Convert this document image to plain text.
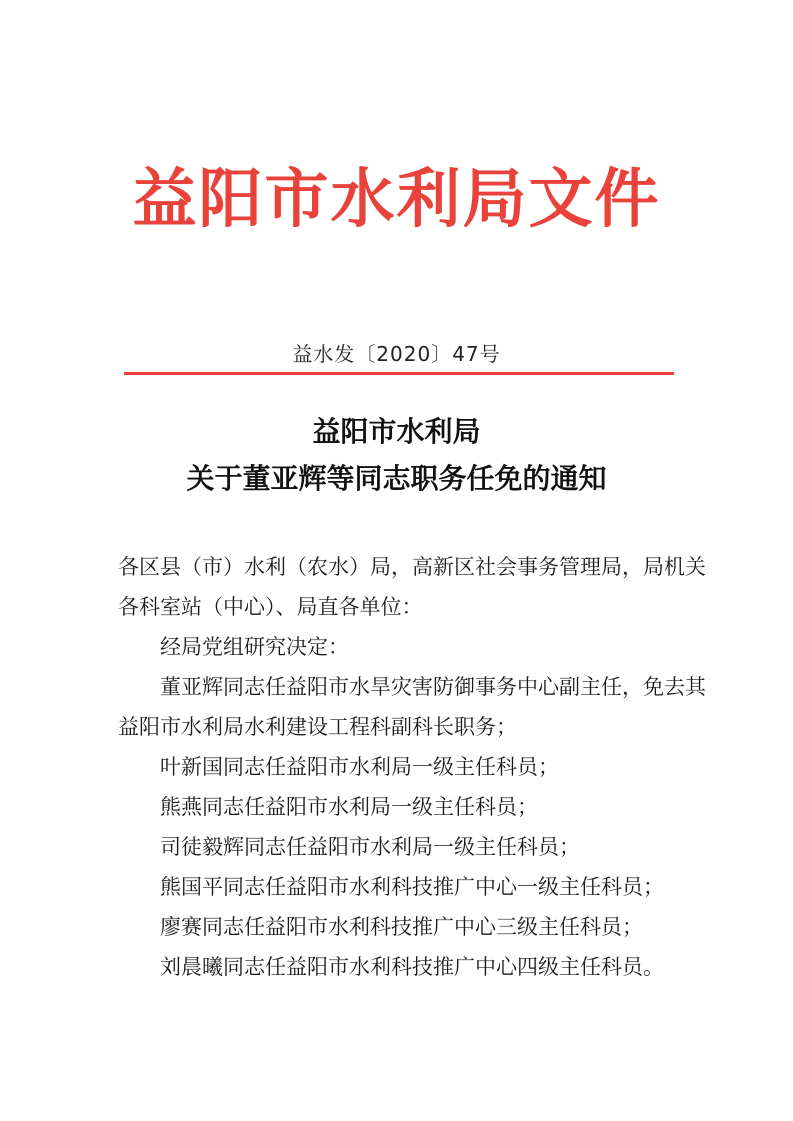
益阳市水利局文件
益水发〔2020〕47号
益阳市水利局
关于董亚辉等同志职务任免的通知
各区县（市）水利（农水）局，高新区社会事务管理局，局机关
各科室站（中心）、局直各单位：
经局党组研究决定：
董亚辉同志任益阳市水旱灾害防御事务中心副主任，免去其
益阳市水利局水利建设工程科副科长职务；
叶新国同志任益阳市水利局一级主任科员；
熊燕同志任益阳市水利局一级主任科员；
司徒毅辉同志任益阳市水利局一级主任科员；
熊国平同志任益阳市水利科技推广中心一级主任科员；
廖赛同志任益阳市水利科技推广中心三级主任科员；
刘晨曦同志任益阳市水利科技推广中心四级主任科员。
